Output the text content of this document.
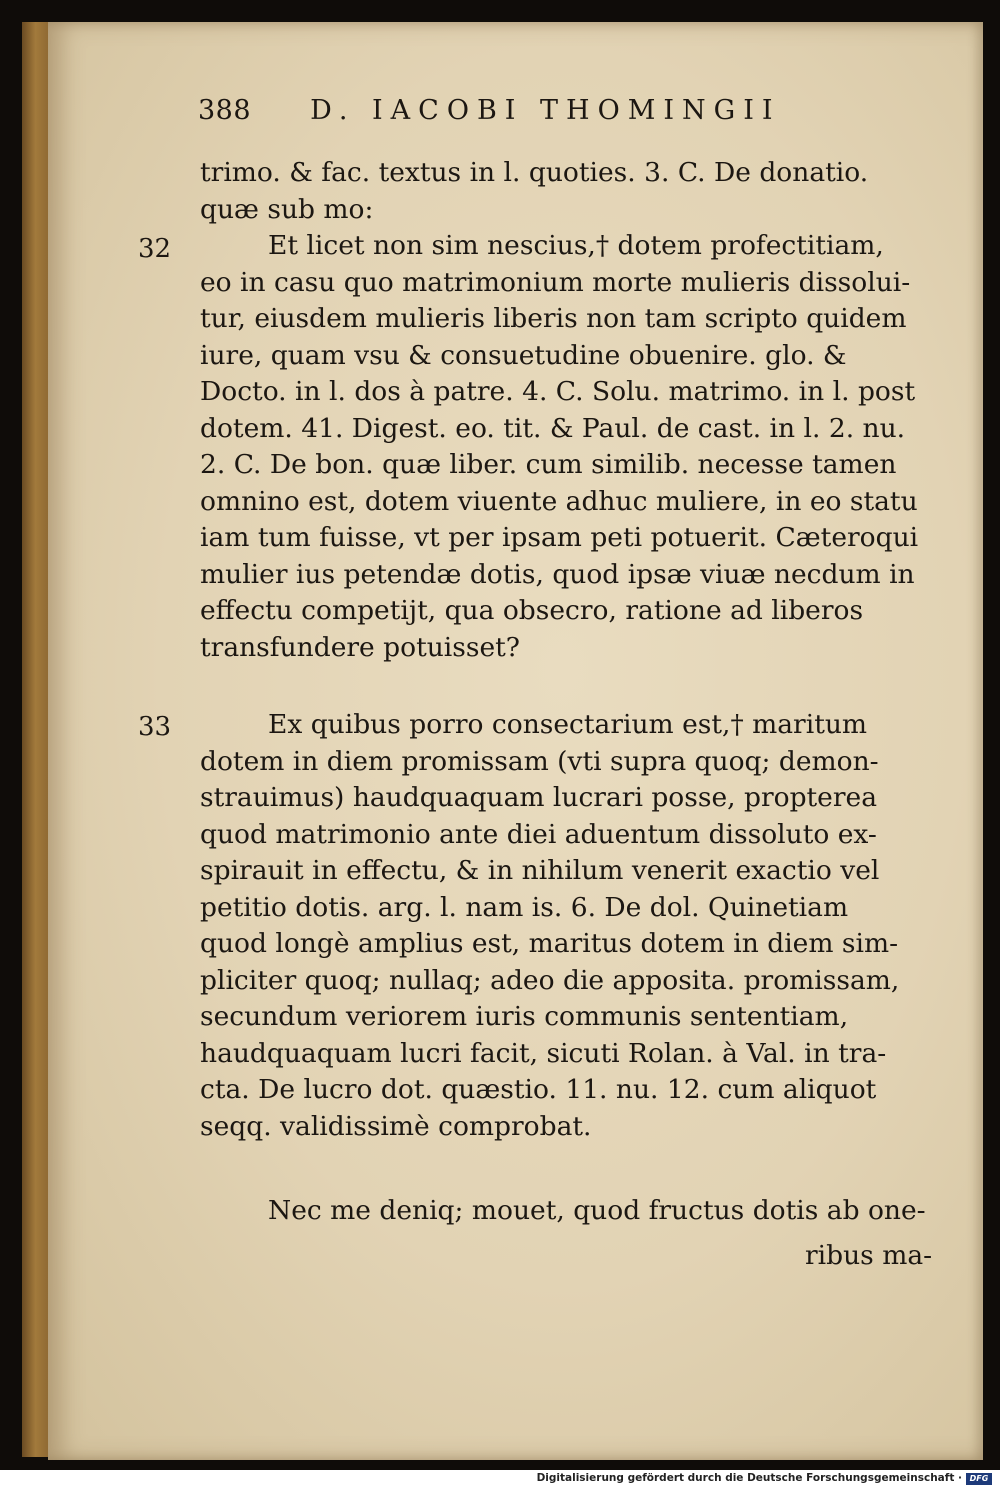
388 D. IACOBI THOMINGII
trimo. & fac. textus in l. quoties. 3. C. De donatio.
quæ sub mo:
32	Et licet non sim nescius,† dotem profectitiam,
eo in casu quo matrimonium morte mulieris dissolui-
tur, eiusdem mulieris liberis non tam scripto quidem
iure, quam vsu & consuetudine obuenire. glo. &
Docto. in l. dos à patre. 4. C. Solu. matrimo. in l. post
dotem. 41. Digest. eo. tit. & Paul. de cast. in l. 2. nu.
2. C. De bon. quæ liber. cum similib. necesse tamen
omnino est, dotem viuente adhuc muliere, in eo statu
iam tum fuisse, vt per ipsam peti potuerit. Cæteroqui
mulier ius petendæ dotis, quod ipsæ viuæ necdum in
effectu competijt, qua obsecro, ratione ad liberos
transfundere potuisset?
33	Ex quibus porro consectarium est,† maritum
dotem in diem promissam (vti supra quoq; demon-
strauimus) haudquaquam lucrari posse, propterea
quod matrimonio ante diei aduentum dissoluto ex-
spirauit in effectu, & in nihilum venerit exactio vel
petitio dotis. arg. l. nam is. 6. De dol. Quinetiam
quod longè amplius est, maritus dotem in diem sim-
pliciter quoq; nullaq; adeo die apposita. promissam,
secundum veriorem iuris communis sententiam,
haudquaquam lucri facit, sicuti Rolan. à Val. in tra-
cta. De lucro dot. quæstio. 11. nu. 12. cum aliquot
seqq. validissimè comprobat.
Nec me deniq; mouet, quod fructus dotis ab one-
ribus ma-
Digitalisierung gefördert durch die Deutsche Forschungsgemeinschaft · DFG
